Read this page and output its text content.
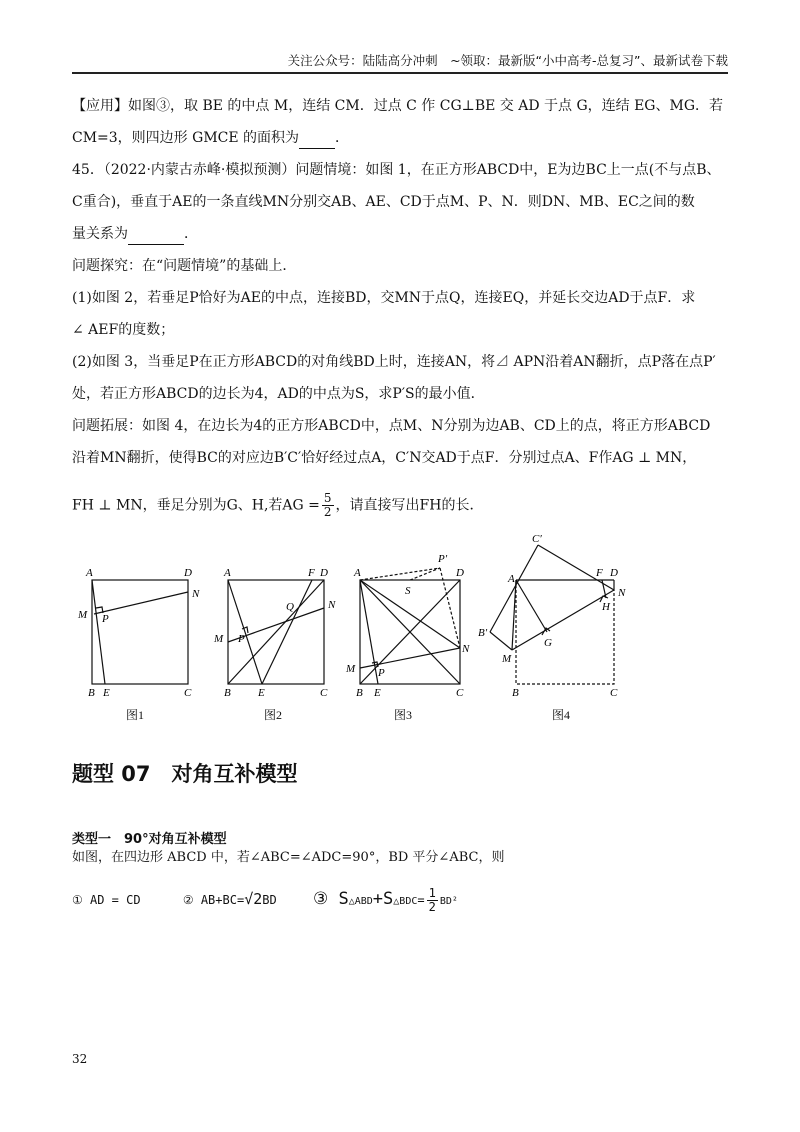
关注公众号：陆陆高分冲刺　~领取：最新版“小中高考-总复习”、最新试卷下载
【应用】如图③，取 BE 的中点 M，连结 CM．过点 C 作 CG⊥BE 交 AD 于点 G，连结 EG、MG．若
CM=3，则四边形 GMCE 的面积为	．
45．（2022·内蒙古赤峰·模拟预测）问题情境：如图 1，在正方形ABCD中，E为边BC上一点(不与点B、
C重合)，垂直于AE的一条直线MN分别交AB、AE、CD于点M、P、N．则DN、MB、EC之间的数
量关系为	．
问题探究：在“问题情境”的基础上．
(1)如图 2，若垂足P恰好为AE的中点，连接BD，交MN于点Q，连接EQ，并延长交边AD于点F．求
∠ AEF的度数；
(2)如图 3，当垂足P在正方形ABCD的对角线BD上时，连接AN，将⊿ APN沿着AN翻折，点P落在点P′
处，若正方形ABCD的边长为4，AD的中点为S，求P′S的最小值．
问题拓展：如图 4，在边长为4的正方形ABCD中，点M、N分别为边AB、CD上的点，将正方形ABCD
沿着MN翻折，使得BC的对应边B′C′恰好经过点A，C′N交AD于点F．分别过点A、F作AG ⊥ MN，
FH ⊥ MN，垂足分别为G、H,若AG = $\frac{5}{2}$ ，请直接写出FH的长．
A	D
M
N
P
B E	C
A	F D
Q	N
M P
B E	C
P′
A	D
S
N
M P
B E	C
C′
A	F D
N
H
B′
G
M
B	C
图1	图2	图3	图4
题型 07　对角互补模型
类型一　90°对角互补模型
如图，在四边形 ABCD 中，若∠ABC=∠ADC=90°，BD 平分∠ABC，则
① AD = CD	② AB+BC=√2BD ③ S△ABD+S△BDC= $\frac{1}{2} BD^2$
32
